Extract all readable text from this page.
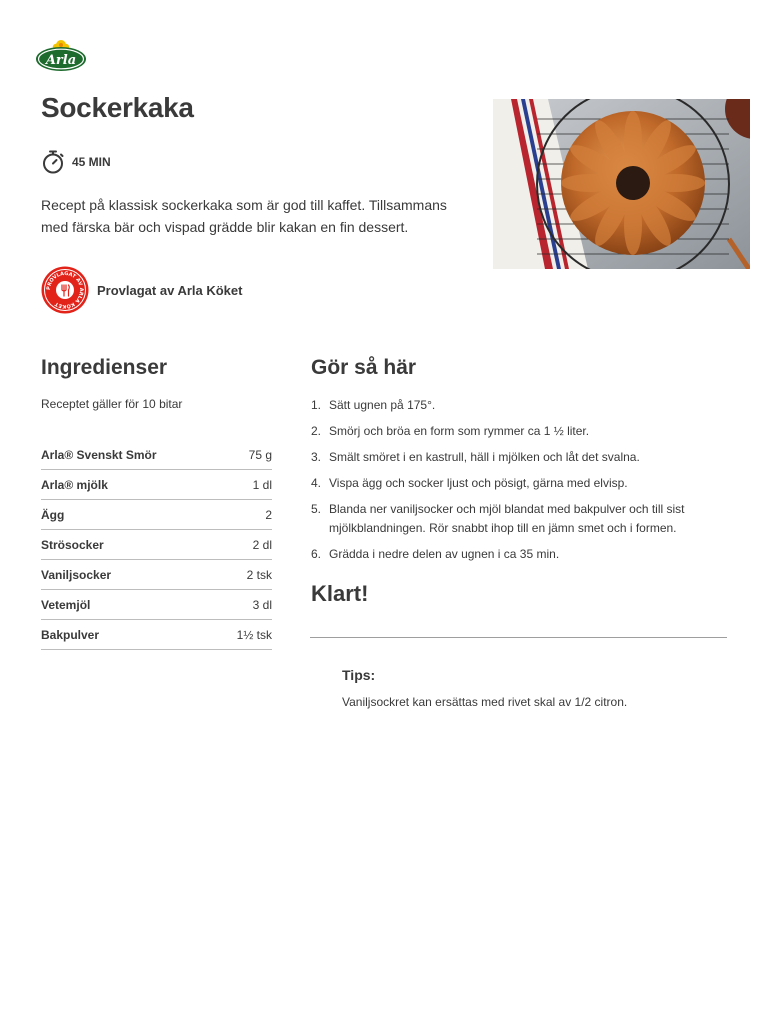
Arla
Sockerkaka
45 MIN

Recept på klassisk sockerkaka som är god till kaffet. Tillsammans med färska bär och vispad grädde blir kakan en fin dessert.

PROVLAGAT AV ARLA KÖKET
Provlagat av Arla Köket
Ingredienser
Receptet gäller för 10 bitar
Arla® Svenskt Smör	75 g
Arla® mjölk	1 dl
Ägg	2
Strösocker	2 dl
Vaniljsocker	2 tsk
Vetemjöl	3 dl
Bakpulver	1½ tsk
Gör så här
1. Sätt ugnen på 175°.
2. Smörj och bröa en form som rymmer ca 1 ½ liter.
3. Smält smöret i en kastrull, häll i mjölken och låt det svalna.
4. Vispa ägg och socker ljust och pösigt, gärna med elvisp.
5. Blanda ner vaniljsocker och mjöl blandat med bakpulver och till sist mjölkblandningen. Rör snabbt ihop till en jämn smet och i formen.
6. Grädda i nedre delen av ugnen i ca 35 min.
Klart!
Tips:
Vaniljsockret kan ersättas med rivet skal av 1/2 citron.
